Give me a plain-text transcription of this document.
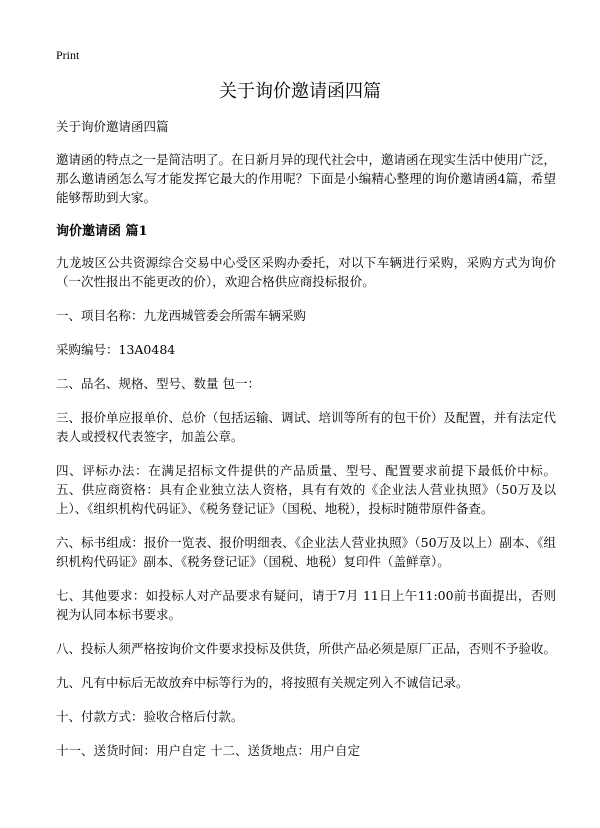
Print
关于询价邀请函四篇

关于询价邀请函四篇

邀请函的特点之一是简洁明了。在日新月异的现代社会中，邀请函在现实生活中使用广泛，那么邀请函怎么写才能发挥它最大的作用呢？下面是小编精心整理的询价邀请函4篇，希望能够帮助到大家。

询价邀请函 篇1

九龙坡区公共资源综合交易中心受区采购办委托，对以下车辆进行采购，采购方式为询价（一次性报出不能更改的价），欢迎合格供应商投标报价。

一、项目名称：九龙西城管委会所需车辆采购

采购编号：13A0484

二、品名、规格、型号、数量 包一：

三、报价单应报单价、总价（包括运输、调试、培训等所有的包干价）及配置，并有法定代表人或授权代表签字，加盖公章。

四、评标办法：在满足招标文件提供的产品质量、型号、配置要求前提下最低价中标。 五、供应商资格：具有企业独立法人资格，具有有效的《企业法人营业执照》（50万及以上）、《组织机构代码证》、《税务登记证》（国税、地税），投标时随带原件备查。

六、标书组成：报价一览表、报价明细表、《企业法人营业执照》（50万及以上）副本、《组织机构代码证》副本、《税务登记证》（国税、地税）复印件（盖鲜章）。

七、其他要求：如投标人对产品要求有疑问，请于7月 11日上午11:00前书面提出，否则视为认同本标书要求。

八、投标人须严格按询价文件要求投标及供货，所供产品必须是原厂正品，否则不予验收。

九、凡有中标后无故放弃中标等行为的，将按照有关规定列入不诚信记录。

十、付款方式：验收合格后付款。

十一、送货时间：用户自定 十二、送货地点：用户自定
